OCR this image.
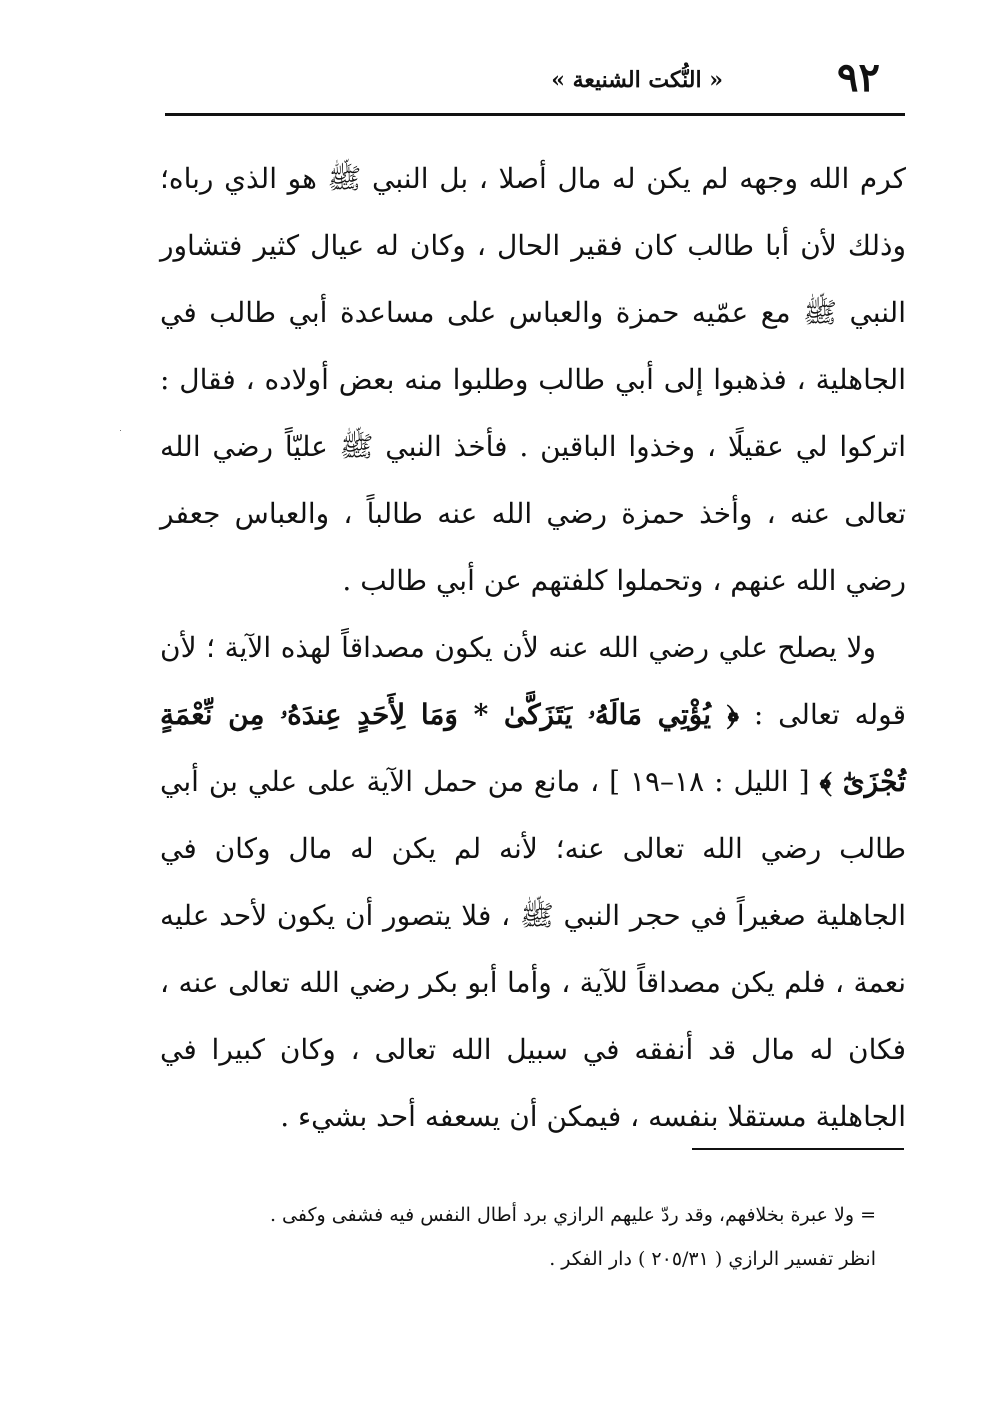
٩٢
« النُّكت الشنيعة »

كرم الله وجهه لم يكن له مال أصلا ، بل النبي ﷺ هو الذي رباه؛ وذلك لأن أبا طالب كان فقير الحال ، وكان له عيال كثير فتشاور النبي ﷺ مع عمّيه حمزة والعباس على مساعدة أبي طالب في الجاهلية ، فذهبوا إلى أبي طالب وطلبوا منه بعض أولاده ، فقال : اتركوا لي عقيلًا ، وخذوا الباقين . فأخذ النبي ﷺ عليّاً رضي الله تعالى عنه ، وأخذ حمزة رضي الله عنه طالباً ، والعباس جعفر رضي الله عنهم ، وتحملوا كلفتهم عن أبي طالب .

ولا يصلح علي رضي الله عنه لأن يكون مصداقاً لهذه الآية ؛ لأن قوله تعالى : ﴿ يُؤْتِي مَالَهُۥ يَتَزَكَّىٰ * وَمَا لِأَحَدٍ عِندَهُۥ مِن نِّعْمَةٍ تُجْزَىٰٓ ﴾ [ الليل : ١٨–١٩ ] ، مانع من حمل الآية على علي بن أبي طالب رضي الله تعالى عنه؛ لأنه لم يكن له مال وكان في الجاهلية صغيراً في حجر النبي ﷺ ، فلا يتصور أن يكون لأحد عليه نعمة ، فلم يكن مصداقاً للآية ، وأما أبو بكر رضي الله تعالى عنه ، فكان له مال قد أنفقه في سبيل الله تعالى ، وكان كبيرا في الجاهلية مستقلا بنفسه ، فيمكن أن يسعفه أحد بشيء .

= ولا عبرة بخلافهم، وقد ردّ عليهم الرازي برد أطال النفس فيه فشفى وكفى .

انظر تفسير الرازي ( ٢٠٥/٣١ ) دار الفكر .
